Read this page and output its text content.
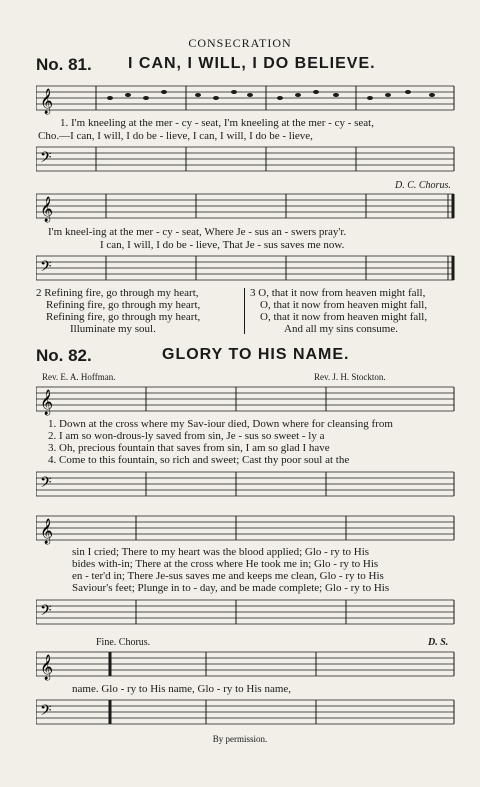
CONSECRATION
No. 81. I CAN, I WILL, I DO BELIEVE.
𝄞
1. I'm kneeling at the mer - cy - seat, I'm kneeling at the mer - cy - seat,
Cho.—I can, I will, I do be - lieve, I can, I will, I do be - lieve,
𝄢
D. C. Chorus.
𝄞
I'm kneel-ing at the mer - cy - seat, Where Je - sus an - swers pray'r.
I can, I will, I do be - lieve, That Je - sus saves me now.
𝄢
2 Refining fire, go through my heart,
Refining fire, go through my heart,
Refining fire, go through my heart,
Illuminate my soul.
3 O, that it now from heaven might fall,
O, that it now from heaven might fall,
O, that it now from heaven might fall,
And all my sins consume.
No. 82.	GLORY TO HIS NAME.
Rev. E. A. Hoffman.	Rev. J. H. Stockton.
𝄞
1. Down at the cross where my Sav-iour died, Down where for cleansing from
2. I am so won-drous-ly saved from sin, Je - sus so sweet - ly a
3. Oh, precious fountain that saves from sin, I am so glad I have
4. Come to this fountain, so rich and sweet; Cast thy poor soul at the
𝄢
𝄞
sin I cried; There to my heart was the blood applied; Glo - ry to His
bides with-in; There at the cross where He took me in; Glo - ry to His
en - ter'd in; There Je-sus saves me and keeps me clean, Glo - ry to His
Saviour's feet; Plunge in to - day, and be made complete; Glo - ry to His
𝄢
Fine. Chorus.	D. S.
𝄞
name. Glo - ry to His name, Glo - ry to His name,
𝄢
By permission.
